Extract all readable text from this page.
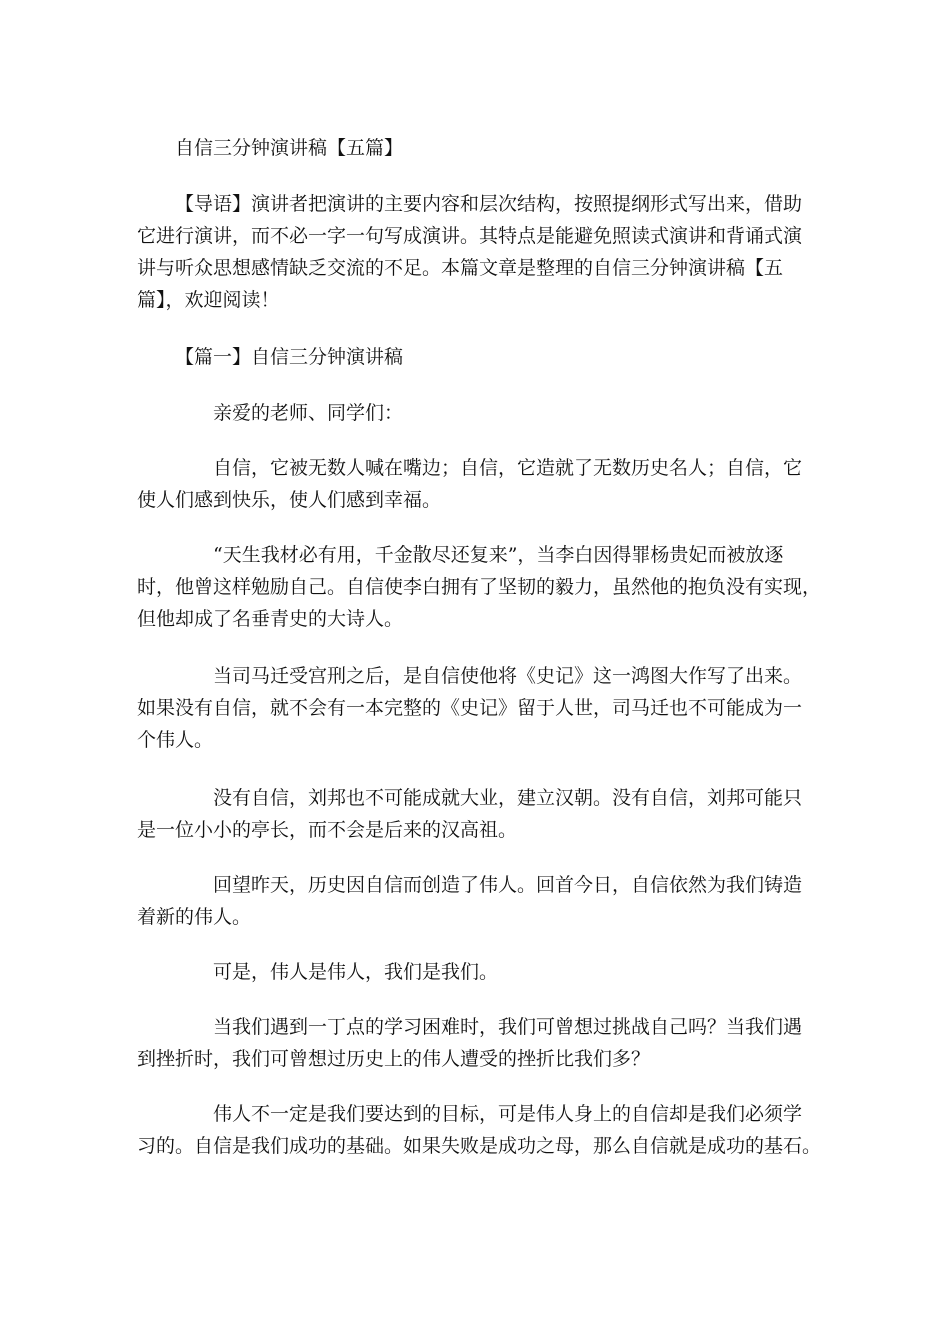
自信三分钟演讲稿【五篇】
【导语】演讲者把演讲的主要内容和层次结构，按照提纲形式写出来，借助
它进行演讲，而不必一字一句写成演讲。其特点是能避免照读式演讲和背诵式演
讲与听众思想感情缺乏交流的不足。本篇文章是整理的自信三分钟演讲稿【五
篇】，欢迎阅读！
【篇一】自信三分钟演讲稿
亲爱的老师、同学们：
自信，它被无数人喊在嘴边；自信，它造就了无数历史名人；自信，它
使人们感到快乐，使人们感到幸福。
“天生我材必有用，千金散尽还复来”，当李白因得罪杨贵妃而被放逐
时，他曾这样勉励自己。自信使李白拥有了坚韧的毅力，虽然他的抱负没有实现，
但他却成了名垂青史的大诗人。
当司马迁受宫刑之后，是自信使他将《史记》这一鸿图大作写了出来。
如果没有自信，就不会有一本完整的《史记》留于人世，司马迁也不可能成为一
个伟人。
没有自信，刘邦也不可能成就大业，建立汉朝。没有自信，刘邦可能只
是一位小小的亭长，而不会是后来的汉高祖。
回望昨天，历史因自信而创造了伟人。回首今日，自信依然为我们铸造
着新的伟人。
可是，伟人是伟人，我们是我们。
当我们遇到一丁点的学习困难时，我们可曾想过挑战自己吗？当我们遇
到挫折时，我们可曾想过历史上的伟人遭受的挫折比我们多？
伟人不一定是我们要达到的目标，可是伟人身上的自信却是我们必须学
习的。自信是我们成功的基础。如果失败是成功之母，那么自信就是成功的基石。
